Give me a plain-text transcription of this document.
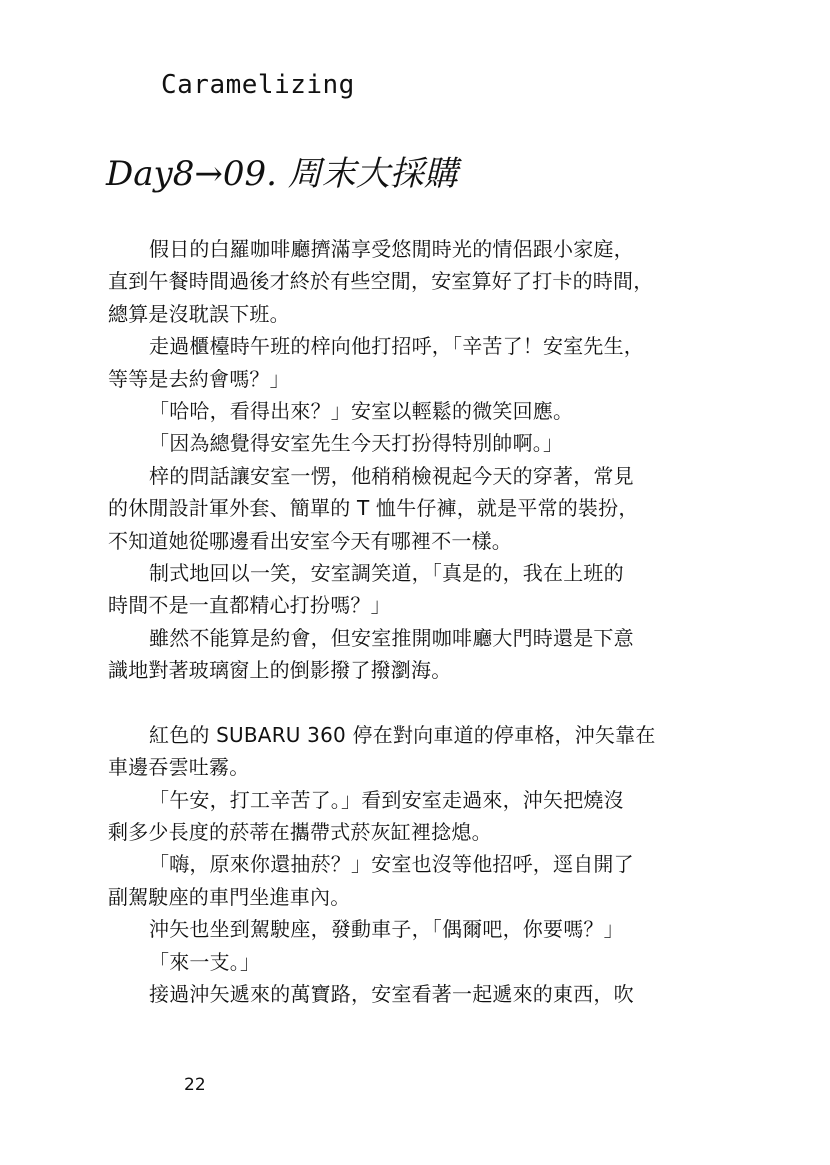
Caramelizing
Day8→09. 周末大採購
假日的白羅咖啡廳擠滿享受悠閒時光的情侶跟小家庭，
直到午餐時間過後才終於有些空閒，安室算好了打卡的時間，
總算是沒耽誤下班。
走過櫃檯時午班的梓向他打招呼，「辛苦了！安室先生，
等等是去約會嗎？」
「哈哈，看得出來？」安室以輕鬆的微笑回應。
「因為總覺得安室先生今天打扮得特別帥啊。」
梓的問話讓安室一愣，他稍稍檢視起今天的穿著，常見
的休閒設計軍外套、簡單的 T 恤牛仔褲，就是平常的裝扮，
不知道她從哪邊看出安室今天有哪裡不一樣。
制式地回以一笑，安室調笑道，「真是的，我在上班的
時間不是一直都精心打扮嗎？」
雖然不能算是約會，但安室推開咖啡廳大門時還是下意
識地對著玻璃窗上的倒影撥了撥瀏海。
紅色的 SUBARU 360 停在對向車道的停車格，沖矢靠在
車邊吞雲吐霧。
「午安，打工辛苦了。」看到安室走過來，沖矢把燒沒
剩多少長度的菸蒂在攜帶式菸灰缸裡捻熄。
「嗨，原來你還抽菸？」安室也沒等他招呼，逕自開了
副駕駛座的車門坐進車內。
沖矢也坐到駕駛座，發動車子，「偶爾吧，你要嗎？」
「來一支。」
接過沖矢遞來的萬寶路，安室看著一起遞來的東西，吹
22
